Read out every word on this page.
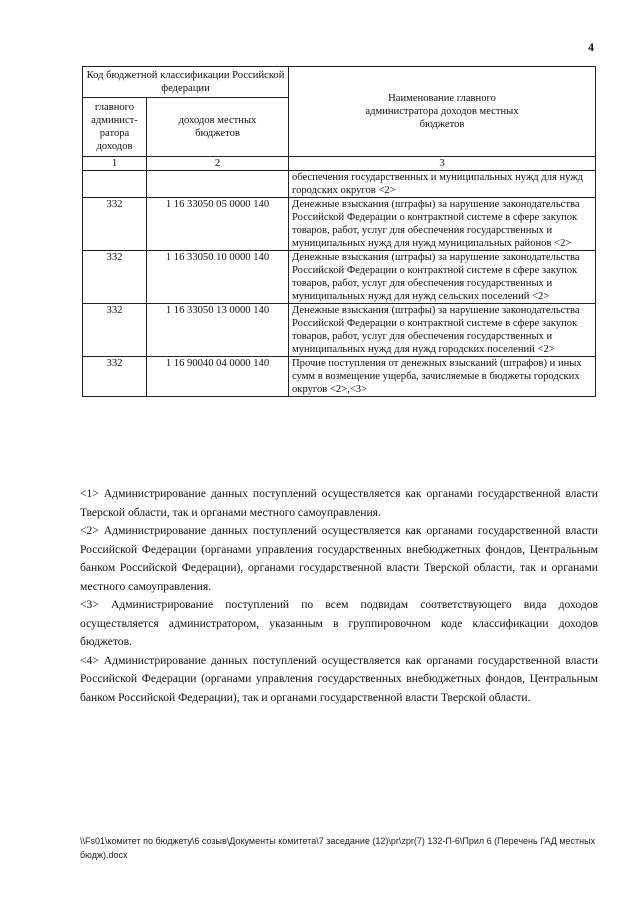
4
Код бюджетной классификации Российской федерации		Наименование главного администратора доходов местных бюджетов

главного админист-ратора доходов	доходов местных бюджетов	

1	2	3
		обеспечения государственных и муниципальных нужд для нужд городских округов <2>
332	1 16 33050 05 0000 140	Денежные взыскания (штрафы) за нарушение законодательства Российской Федерации о контрактной системе в сфере закупок товаров, работ, услуг для обеспечения государственных и муниципальных нужд для нужд муниципальных районов <2>
332	1 16 33050 10 0000 140	Денежные взыскания (штрафы) за нарушение законодательства Российской Федерации о контрактной системе в сфере закупок товаров, работ, услуг для обеспечения государственных и муниципальных нужд для нужд сельских поселений <2>
332	1 16 33050 13 0000 140	Денежные взыскания (штрафы) за нарушение законодательства Российской Федерации о контрактной системе в сфере закупок товаров, работ, услуг для обеспечения государственных и муниципальных нужд для нужд городских поселений <2>
332	1 16 90040 04 0000 140	Прочие поступления от денежных взысканий (штрафов) и иных сумм в возмещение ущерба, зачисляемые в бюджеты городских округов <2>,<3>

<1> Администрирование данных поступлений осуществляется как органами государственной власти Тверской области, так и органами местного самоуправления.

<2> Администрирование данных поступлений осуществляется как органами государственной власти Российской Федерации (органами управления государственных внебюджетных фондов, Центральным банком Российской Федерации), органами государственной власти Тверской области, так и органами местного самоуправления.

<3> Администрирование поступлений по всем подвидам соответствующего вида доходов осуществляется администратором, указанным в группировочном коде классификации доходов бюджетов.

<4> Администрирование данных поступлений осуществляется как органами государственной власти Российской Федерации (органами управления государственных внебюджетных фондов, Центральным банком Российской Федерации), так и органами государственной власти Тверской области.

\\Fs01\комитет по бюджету\6 созыв\Документы комитета\7 заседание (12)\pr\zpr(7) 132-П-6\Прил 6 (Перечень ГАД местных бюдж).docx
